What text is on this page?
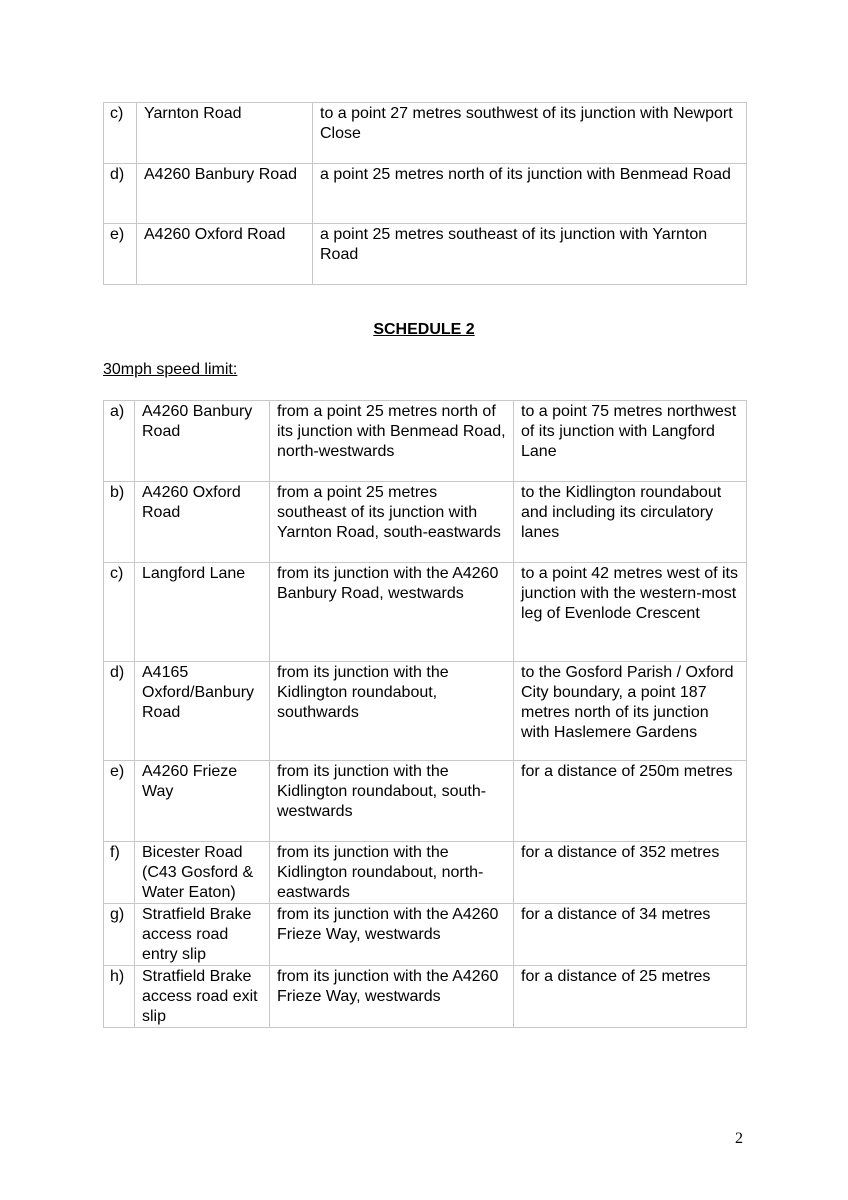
c)	Yarnton Road	to a point 27 metres southwest of its junction with Newport Close
d)	A4260 Banbury Road	a point 25 metres north of its junction with Benmead Road
e)	A4260 Oxford Road	a point 25 metres southeast of its junction with Yarnton Road
SCHEDULE 2
30mph speed limit:
a)	A4260 Banbury Road	from a point 25 metres north of its junction with Benmead Road, north-westwards	to a point 75 metres northwest of its junction with Langford Lane
b)	A4260 Oxford Road	from a point 25 metres southeast of its junction with Yarnton Road, south-eastwards	to the Kidlington roundabout and including its circulatory lanes
c)	Langford Lane	from its junction with the A4260 Banbury Road, westwards	to a point 42 metres west of its junction with the western-most leg of Evenlode Crescent
d)	A4165 Oxford/Banbury Road	from its junction with the Kidlington roundabout, southwards	to the Gosford Parish / Oxford City boundary, a point 187 metres north of its junction with Haslemere Gardens
e)	A4260 Frieze Way	from its junction with the Kidlington roundabout, south-westwards	for a distance of 250m metres
f)	Bicester Road (C43 Gosford & Water Eaton)	from its junction with the Kidlington roundabout, north-eastwards	for a distance of 352 metres
g)	Stratfield Brake access road entry slip	from its junction with the A4260 Frieze Way, westwards	for a distance of 34 metres
h)	Stratfield Brake access road exit slip	from its junction with the A4260 Frieze Way, westwards	for a distance of 25 metres
2
